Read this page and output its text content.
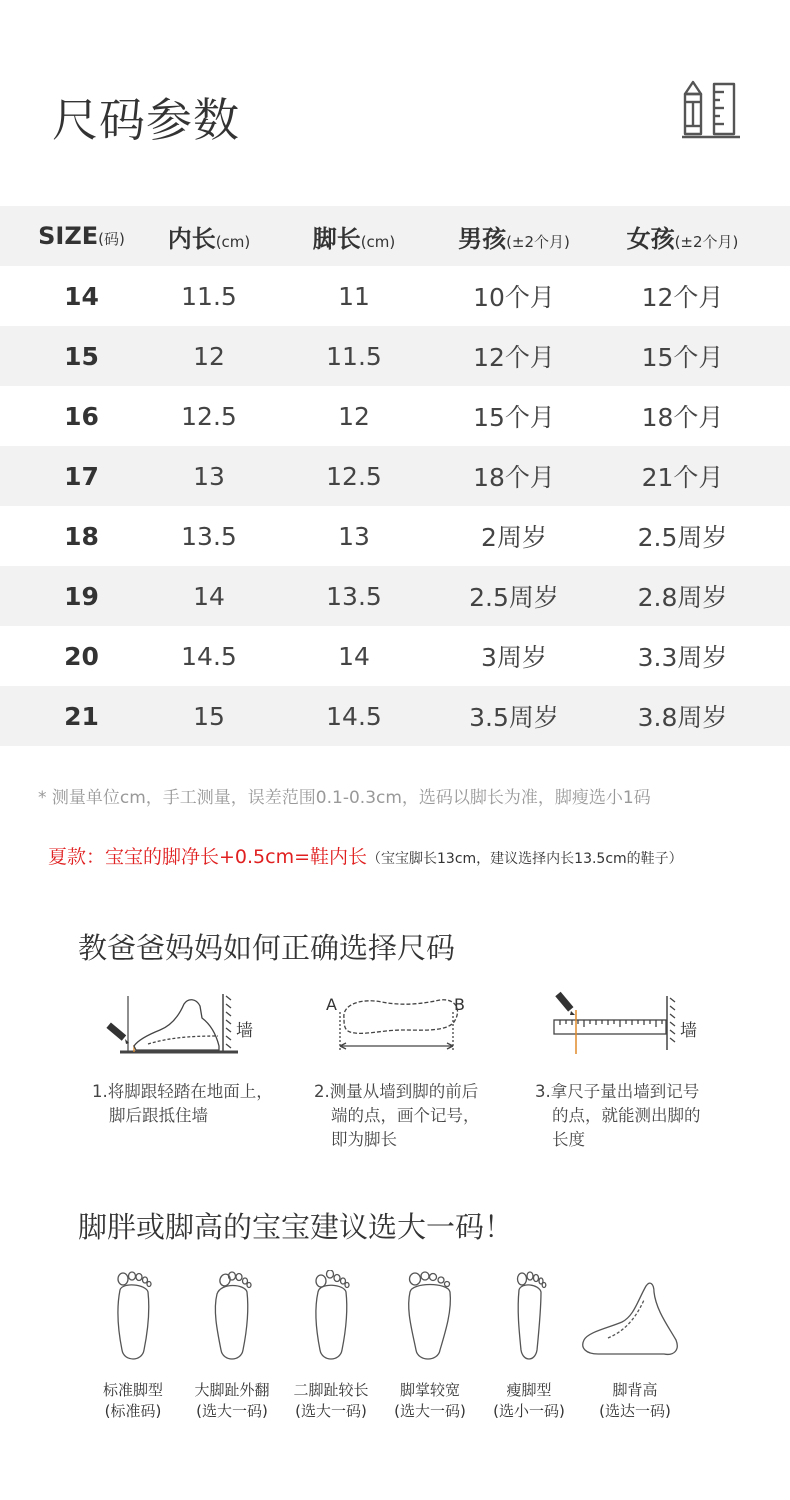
尺码参数
SIZE(码)	内长(cm)	脚长(cm)	男孩(±2个月)	女孩(±2个月)
14	11.5	11	10个月	12个月
15	12	11.5	12个月	15个月
16	12.5	12	15个月	18个月
17	13	12.5	18个月	21个月
18	13.5	13	2周岁	2.5周岁
19	14	13.5	2.5周岁	2.8周岁
20	14.5	14	3周岁	3.3周岁
21	15	14.5	3.5周岁	3.8周岁
* 测量单位cm，手工测量，误差范围0.1-0.3cm，选码以脚长为准，脚瘦选小1码
夏款：宝宝的脚净长+0.5cm=鞋内长（宝宝脚长13cm，建议选择内长13.5cm的鞋子）
教爸爸妈妈如何正确选择尺码
墙
A	B
墙
1.将脚跟轻踏在地面上，
脚后跟抵住墙
2.测量从墙到脚的前后
端的点，画个记号，
即为脚长
3.拿尺子量出墙到记号
的点，就能测出脚的
长度
脚胖或脚高的宝宝建议选大一码！
标准脚型
(标准码)
大脚趾外翻
(选大一码)
二脚趾较长
(选大一码)
脚掌较宽
(选大一码)
瘦脚型
(选小一码)
脚背高
(选达一码)
